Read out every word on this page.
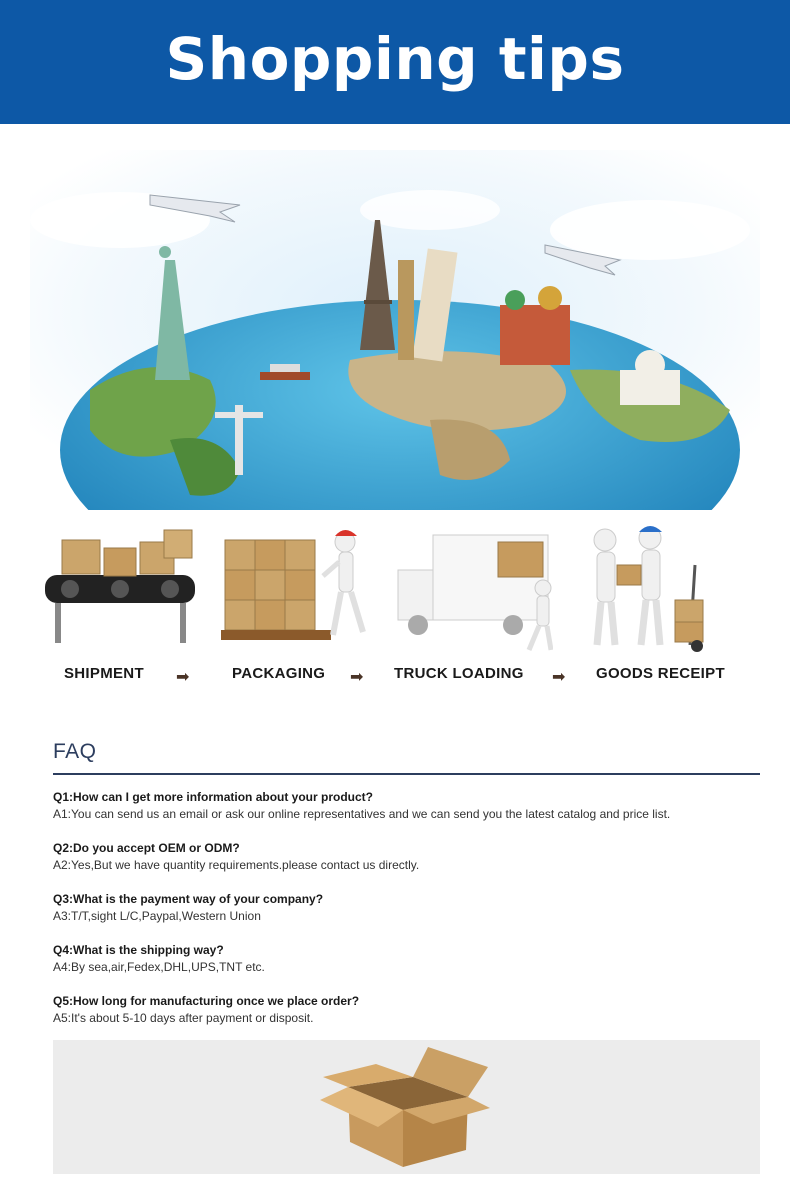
Shopping tips
SHIPMENT ➡	PACKAGING ➡ TRUCK LOADING ➡ GOODS RECEIPT
FAQ
Q1:How can I get more information about your product?
A1:You can send us an email or ask our online representatives and we can send you the latest catalog and price list.
Q2:Do you accept OEM or ODM?
A2:Yes,But we have quantity requirements.please contact us directly.
Q3:What is the payment way of your company?
A3:T/T,sight L/C,Paypal,Western Union
Q4:What is the shipping way?
A4:By sea,air,Fedex,DHL,UPS,TNT etc.
Q5:How long for manufacturing once we place order?
A5:It's about 5-10 days after payment or disposit.
